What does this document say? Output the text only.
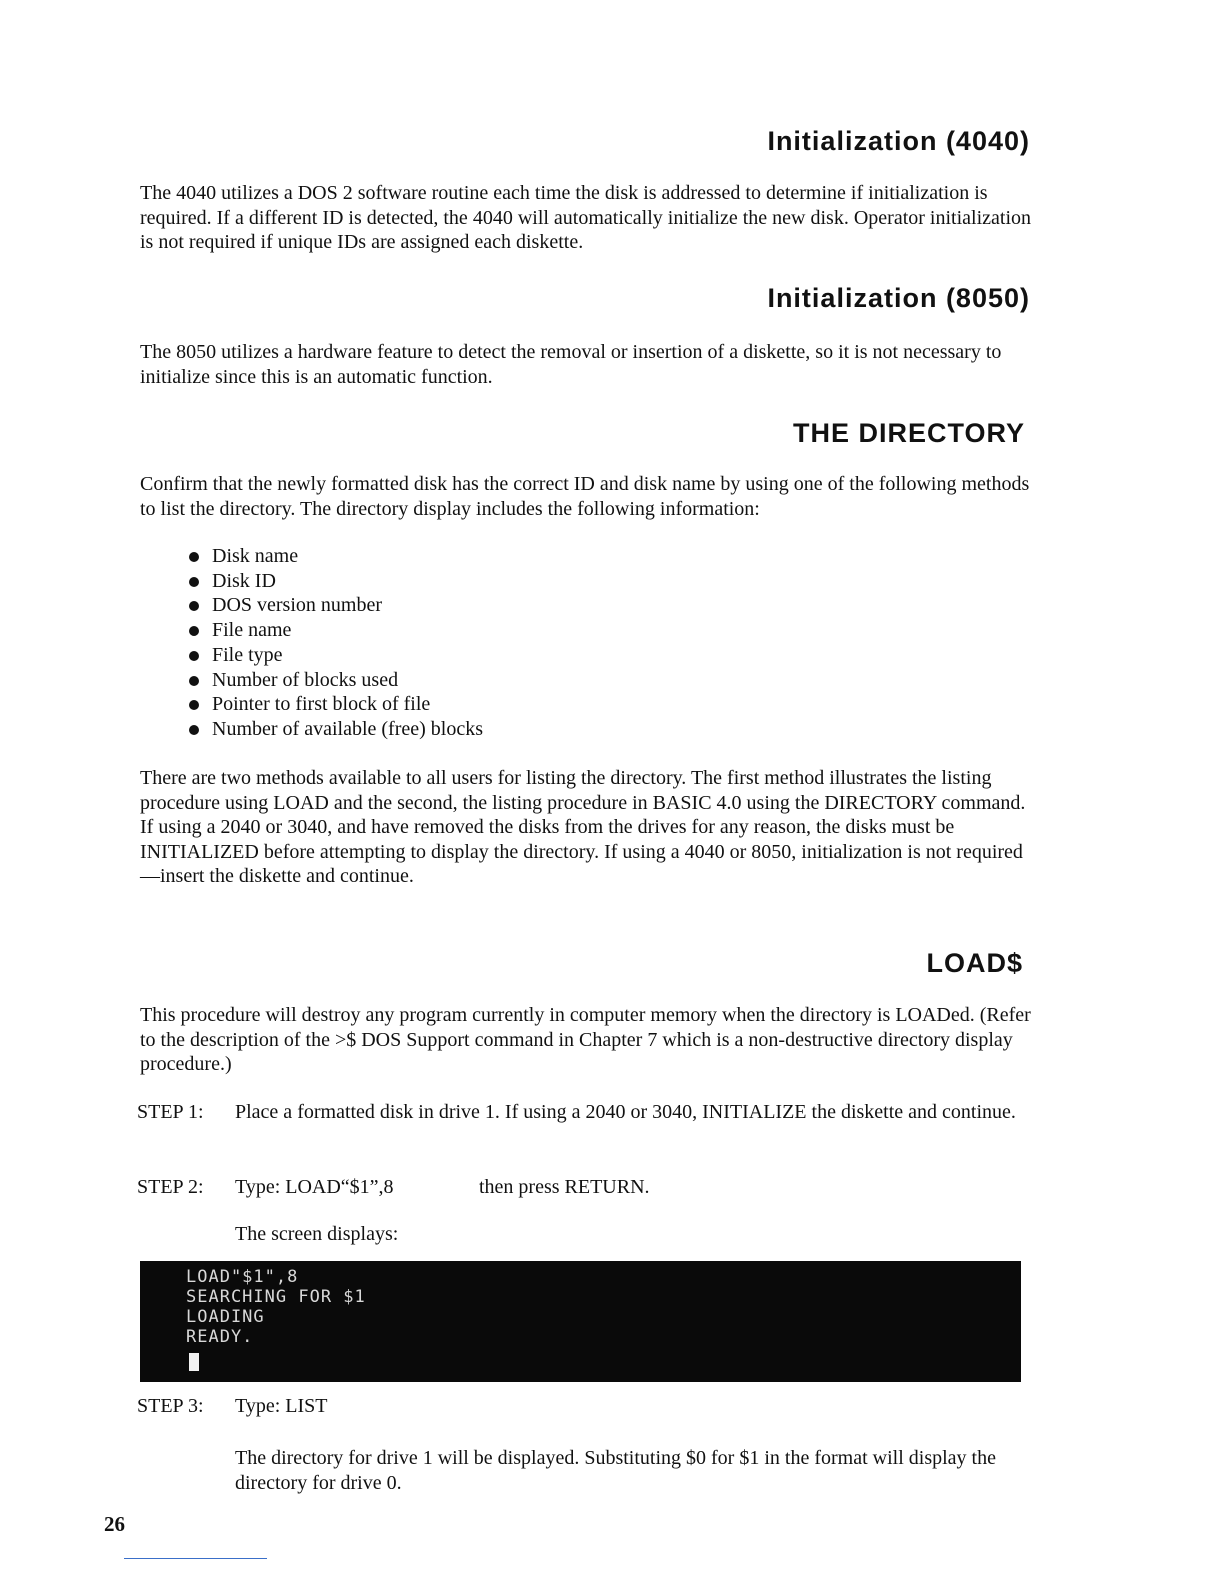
Initialization (4040)

The 4040 utilizes a DOS 2 software routine each time the disk is addressed to determine if initialization is required. If a different ID is detected, the 4040 will automatically initialize the new disk. Operator initialization is not required if unique IDs are assigned each diskette.

Initialization (8050)

The 8050 utilizes a hardware feature to detect the removal or insertion of a diskette, so it is not necessary to initialize since this is an automatic function.

THE DIRECTORY

Confirm that the newly formatted disk has the correct ID and disk name by using one of the following methods to list the directory. The directory display includes the following information:

Disk name
Disk ID
DOS version number
File name
File type
Number of blocks used
Pointer to first block of file
Number of available (free) blocks

There are two methods available to all users for listing the directory. The first method illustrates the listing procedure using LOAD and the second, the listing procedure in BASIC 4.0 using the DIRECTORY command. If using a 2040 or 3040, and have removed the disks from the drives for any reason, the disks must be INITIALIZED before attempting to display the directory. If using a 4040 or 8050, initialization is not required—insert the diskette and continue.

LOAD$

This procedure will destroy any program currently in computer memory when the directory is LOADed. (Refer to the description of the >$ DOS Support command in Chapter 7 which is a non-destructive directory display procedure.)

STEP 1: Place a formatted disk in drive 1. If using a 2040 or 3040, INITIALIZE the diskette and continue.

STEP 2: Type: LOAD“$1”,8	then press RETURN.
The screen displays:
LOAD"$1",8
SEARCHING FOR $1
LOADING
READY.
STEP 3: Type: LIST

The directory for drive 1 will be displayed. Substituting $0 for $1 in the format will display the directory for drive 0.

26
